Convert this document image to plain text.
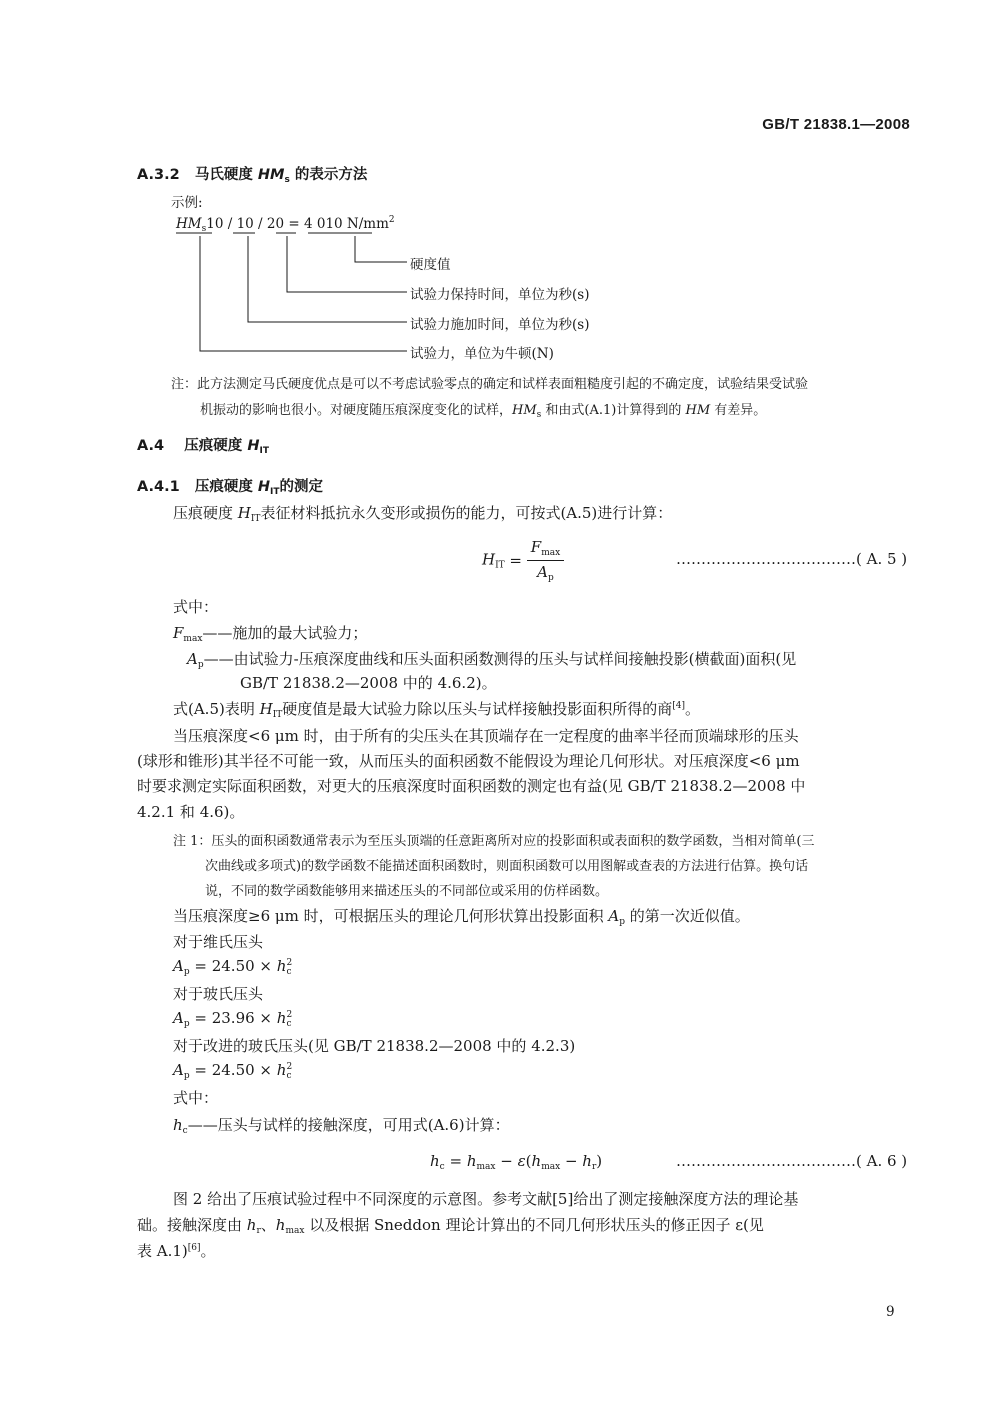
GB/T 21838.1—2008
A.3.2 马氏硬度 $HM_s$ 的表示方法
示例:
$HM_s10 / 10 / 20 = 4$ 010 $N/mm^2$
硬度值
试验力保持时间，单位为秒(s)
试验力施加时间，单位为秒(s)
试验力，单位为牛顿(N)
注：此方法测定马氏硬度优点是可以不考虑试验零点的确定和试样表面粗糙度引起的不确定度，试验结果受试验
机振动的影响也很小。对硬度随压痕深度变化的试样，$HM_s$ 和由式(A.1)计算得到的 HM 有差异。
A.4 压痕硬度 $H_{IT}$
A.4.1 压痕硬度 $H_{IT}$的测定
压痕硬度 $H_{IT}$表征材料抵抗永久变形或损伤的能力，可按式(A.5)进行计算：
$H_{IT} = \frac{F_{max}}{A_p}$	………………………………( A. 5 )
式中：
$F_{max}——$施加的最大试验力；
$A_p——$由试验力-压痕深度曲线和压头面积函数测得的压头与试样间接触投影(横截面)面积(见
GB/T 21838.2—2008 中的 4.6.2)。
式(A.5)表明 $H_{IT}$硬度值是最大试验力除以压头与试样接触投影面积所得的商[4]。
当压痕深度<6 μm 时，由于所有的尖压头在其顶端存在一定程度的曲率半径而顶端球形的压头
(球形和锥形)其半径不可能一致，从而压头的面积函数不能假设为理论几何形状。对压痕深度<6 μm
时要求测定实际面积函数，对更大的压痕深度时面积函数的测定也有益(见 GB/T 21838.2—2008 中
4.2.1 和 4.6)。
注 1：压头的面积函数通常表示为至压头顶端的任意距离所对应的投影面积或表面积的数学函数，当相对简单(三
次曲线或多项式)的数学函数不能描述面积函数时，则面积函数可以用图解或查表的方法进行估算。换句话
说，不同的数学函数能够用来描述压头的不同部位或采用的仿样函数。
当压痕深度≥6 μm 时，可根据压头的理论几何形状算出投影面积 $A_p$ 的第一次近似值。
对于维氏压头
$A_p = 24.50 \times h_c^2$
对于玻氏压头
$A_p = 23.96 \times h_c^2$
对于改进的玻氏压头(见 GB/T 21838.2—2008 中的 4.2.3)
$A_p = 24.50 \times h_c^2$
式中：
$h_c——$压头与试样的接触深度，可用式(A.6)计算：
$h_c = h_{max} - \varepsilon(h_{max} - h_r)$	………………………………( A. 6 )
图 2 给出了压痕试验过程中不同深度的示意图。参考文献[5]给出了测定接触深度方法的理论基
础。接触深度由 $h_r$、$h_{max}$ 以及根据 Sneddon 理论计算出的不同几何形状压头的修正因子 ε(见
表 A.1)[6]。
9
